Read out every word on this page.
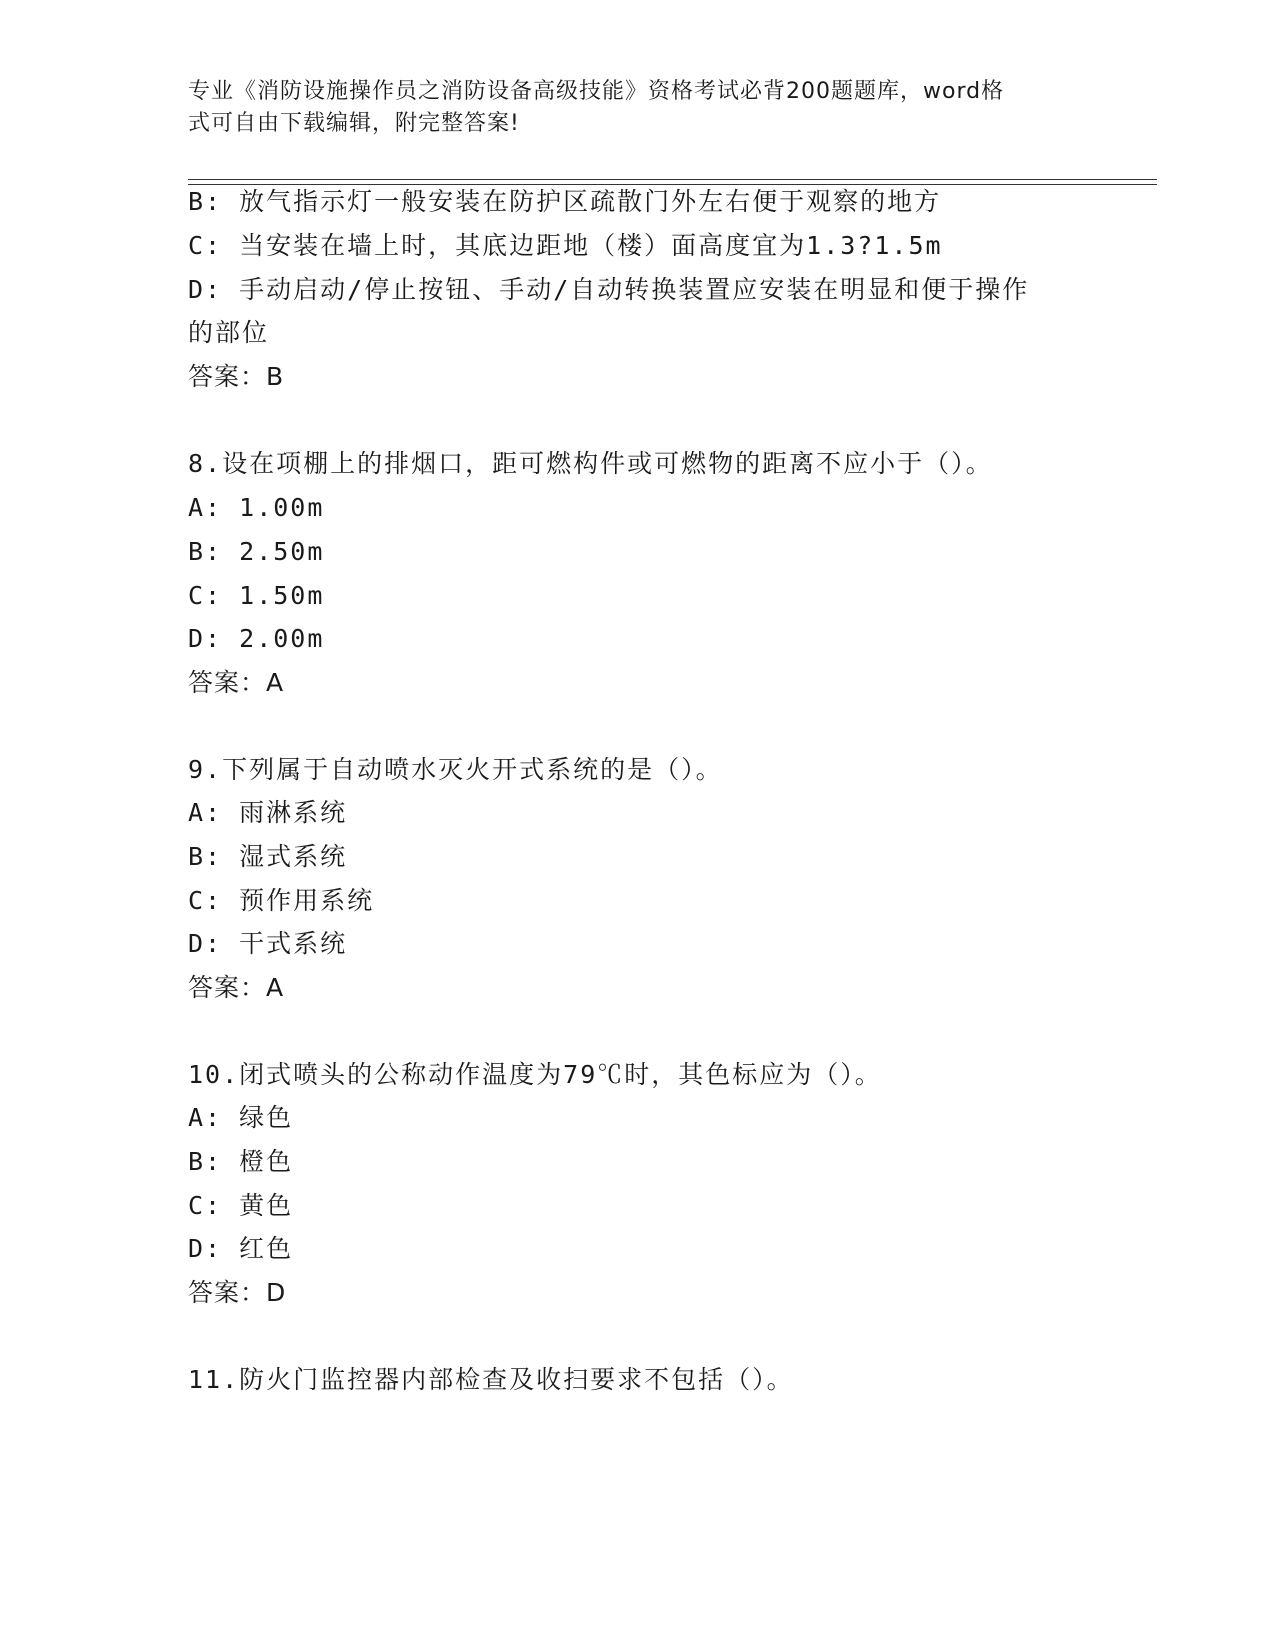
专业《消防设施操作员之消防设备高级技能》资格考试必背200题题库，word格
式可自由下载编辑，附完整答案!
B: 放气指示灯一般安装在防护区疏散门外左右便于观察的地方
C: 当安装在墙上时，其底边距地（楼）面高度宜为1.3?1.5m
D: 手动启动/停止按钮、手动/自动转换装置应安装在明显和便于操作
的部位
答案：B
8.设在项棚上的排烟口，距可燃构件或可燃物的距离不应小于（）。
A: 1.00m
B: 2.50m
C: 1.50m
D: 2.00m
答案：A
9.下列属于自动喷水灭火开式系统的是（）。
A: 雨淋系统
B: 湿式系统
C: 预作用系统
D: 干式系统
答案：A
10.闭式喷头的公称动作温度为79℃时，其色标应为（）。
A: 绿色
B: 橙色
C: 黄色
D: 红色
答案：D
11.防火门监控器内部检查及收扫要求不包括（）。
